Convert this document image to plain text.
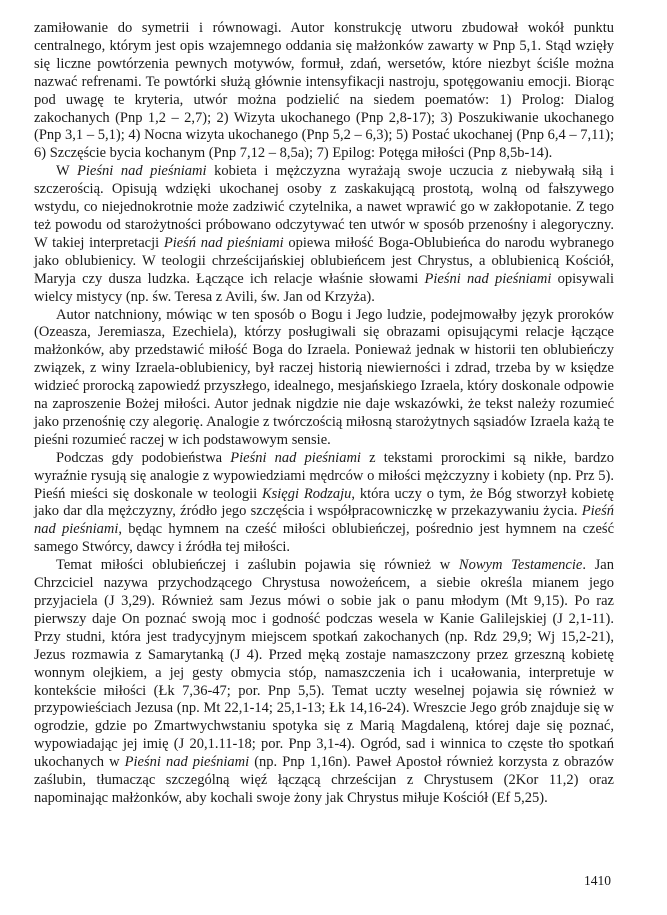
zamiłowanie do symetrii i równowagi. Autor konstrukcję utworu zbudował wokół punktu centralnego, którym jest opis wzajemnego oddania się małżonków zawarty w Pnp 5,1. Stąd wzięły się liczne powtórzenia pewnych motywów, formuł, zdań, wersetów, które niezbyt ściśle można nazwać refrenami. Te powtórki służą głównie intensyfikacji nastroju, spotęgowaniu emocji. Biorąc pod uwagę te kryteria, utwór można podzielić na siedem poematów: 1) Prolog: Dialog zakochanych (Pnp 1,2 – 2,7); 2) Wizyta ukochanego (Pnp 2,8-17); 3) Poszukiwanie ukochanego (Pnp 3,1 – 5,1); 4) Nocna wizyta ukochanego (Pnp 5,2 – 6,3); 5) Postać ukochanej (Pnp 6,4 – 7,11); 6) Szczęście bycia kochanym (Pnp 7,12 – 8,5a); 7) Epilog: Potęga miłości (Pnp 8,5b-14).

W Pieśni nad pieśniami kobieta i mężczyzna wyrażają swoje uczucia z niebywałą siłą i szczerością. Opisują wdzięki ukochanej osoby z zaskakującą prostotą, wolną od fałszywego wstydu, co niejednokrotnie może zadziwić czytelnika, a nawet wprawić go w zakłopotanie. Z tego też powodu od starożytności próbowano odczytywać ten utwór w sposób przenośny i alegoryczny. W takiej interpretacji Pieśń nad pieśniami opiewa miłość Boga-Oblubieńca do narodu wybranego jako oblubienicy. W teologii chrześcijańskiej oblubieńcem jest Chrystus, a oblubienicą Kościół, Maryja czy dusza ludzka. Łączące ich relacje właśnie słowami Pieśni nad pieśniami opisywali wielcy mistycy (np. św. Teresa z Avili, św. Jan od Krzyża).

Autor natchniony, mówiąc w ten sposób o Bogu i Jego ludzie, podejmowałby język proroków (Ozeasza, Jeremiasza, Ezechiela), którzy posługiwali się obrazami opisującymi relacje łączące małżonków, aby przedstawić miłość Boga do Izraela. Ponieważ jednak w historii ten oblubieńczy związek, z winy Izraela-oblubienicy, był raczej historią niewierności i zdrad, trzeba by w księdze widzieć prorocką zapowiedź przyszłego, idealnego, mesjańskiego Izraela, który doskonale odpowie na zaproszenie Bożej miłości. Autor jednak nigdzie nie daje wskazówki, że tekst należy rozumieć jako przenośnię czy alegorię. Analogie z twórczością miłosną starożytnych sąsiadów Izraela każą te pieśni rozumieć raczej w ich podstawowym sensie.

Podczas gdy podobieństwa Pieśni nad pieśniami z tekstami prorockimi są nikłe, bardzo wyraźnie rysują się analogie z wypowiedziami mędrców o miłości mężczyzny i kobiety (np. Prz 5). Pieśń mieści się doskonale w teologii Księgi Rodzaju, która uczy o tym, że Bóg stworzył kobietę jako dar dla mężczyzny, źródło jego szczęścia i współpracowniczkę w przekazywaniu życia. Pieśń nad pieśniami, będąc hymnem na cześć miłości oblubieńczej, pośrednio jest hymnem na cześć samego Stwórcy, dawcy i źródła tej miłości.

Temat miłości oblubieńczej i zaślubin pojawia się również w Nowym Testamencie. Jan Chrzciciel nazywa przychodzącego Chrystusa nowożeńcem, a siebie określa mianem jego przyjaciela (J 3,29). Również sam Jezus mówi o sobie jak o panu młodym (Mt 9,15). Po raz pierwszy daje On poznać swoją moc i godność podczas wesela w Kanie Galilejskiej (J 2,1-11). Przy studni, która jest tradycyjnym miejscem spotkań zakochanych (np. Rdz 29,9; Wj 15,2-21), Jezus rozmawia z Samarytanką (J 4). Przed męką zostaje namaszczony przez grzeszną kobietę wonnym olejkiem, a jej gesty obmycia stóp, namaszczenia ich i ucałowania, interpretuje w kontekście miłości (Łk 7,36-47; por. Pnp 5,5). Temat uczty weselnej pojawia się również w przypowieściach Jezusa (np. Mt 22,1-14; 25,1-13; Łk 14,16-24). Wreszcie Jego grób znajduje się w ogrodzie, gdzie po Zmartwychwstaniu spotyka się z Marią Magdaleną, której daje się poznać, wypowiadając jej imię (J 20,1.11-18; por. Pnp 3,1-4). Ogród, sad i winnica to częste tło spotkań ukochanych w Pieśni nad pieśniami (np. Pnp 1,16n). Paweł Apostoł również korzysta z obrazów zaślubin, tłumacząc szczególną więź łączącą chrześcijan z Chrystusem (2Kor 11,2) oraz napominając małżonków, aby kochali swoje żony jak Chrystus miłuje Kościół (Ef 5,25).

1410
